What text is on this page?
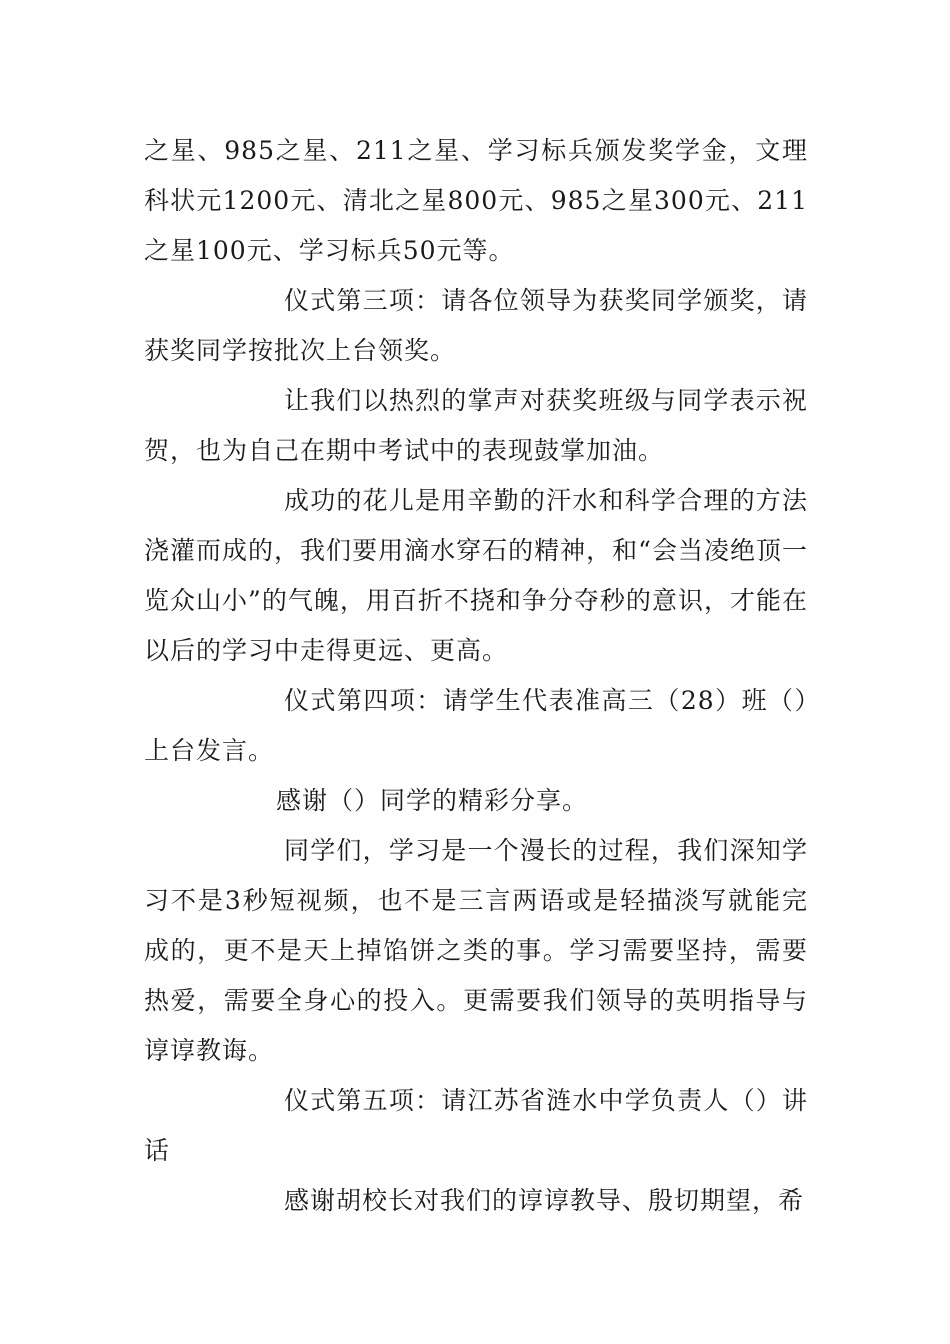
之星、985之星、211之星、学习标兵颁发奖学金，文理科状元1200元、清北之星800元、985之星300元、211之星100元、学习标兵50元等。

仪式第三项：请各位领导为获奖同学颁奖，请获奖同学按批次上台领奖。

让我们以热烈的掌声对获奖班级与同学表示祝贺，也为自己在期中考试中的表现鼓掌加油。

成功的花儿是用辛勤的汗水和科学合理的方法浇灌而成的，我们要用滴水穿石的精神，和“会当凌绝顶一览众山小”的气魄，用百折不挠和争分夺秒的意识，才能在以后的学习中走得更远、更高。

仪式第四项：请学生代表准高三（28）班（）上台发言。

感谢（）同学的精彩分享。

同学们，学习是一个漫长的过程，我们深知学习不是3秒短视频，也不是三言两语或是轻描淡写就能完成的，更不是天上掉馅饼之类的事。学习需要坚持，需要热爱，需要全身心的投入。更需要我们领导的英明指导与谆谆教诲。

仪式第五项：请江苏省涟水中学负责人（）讲话

感谢胡校长对我们的谆谆教导、殷切期望，希
